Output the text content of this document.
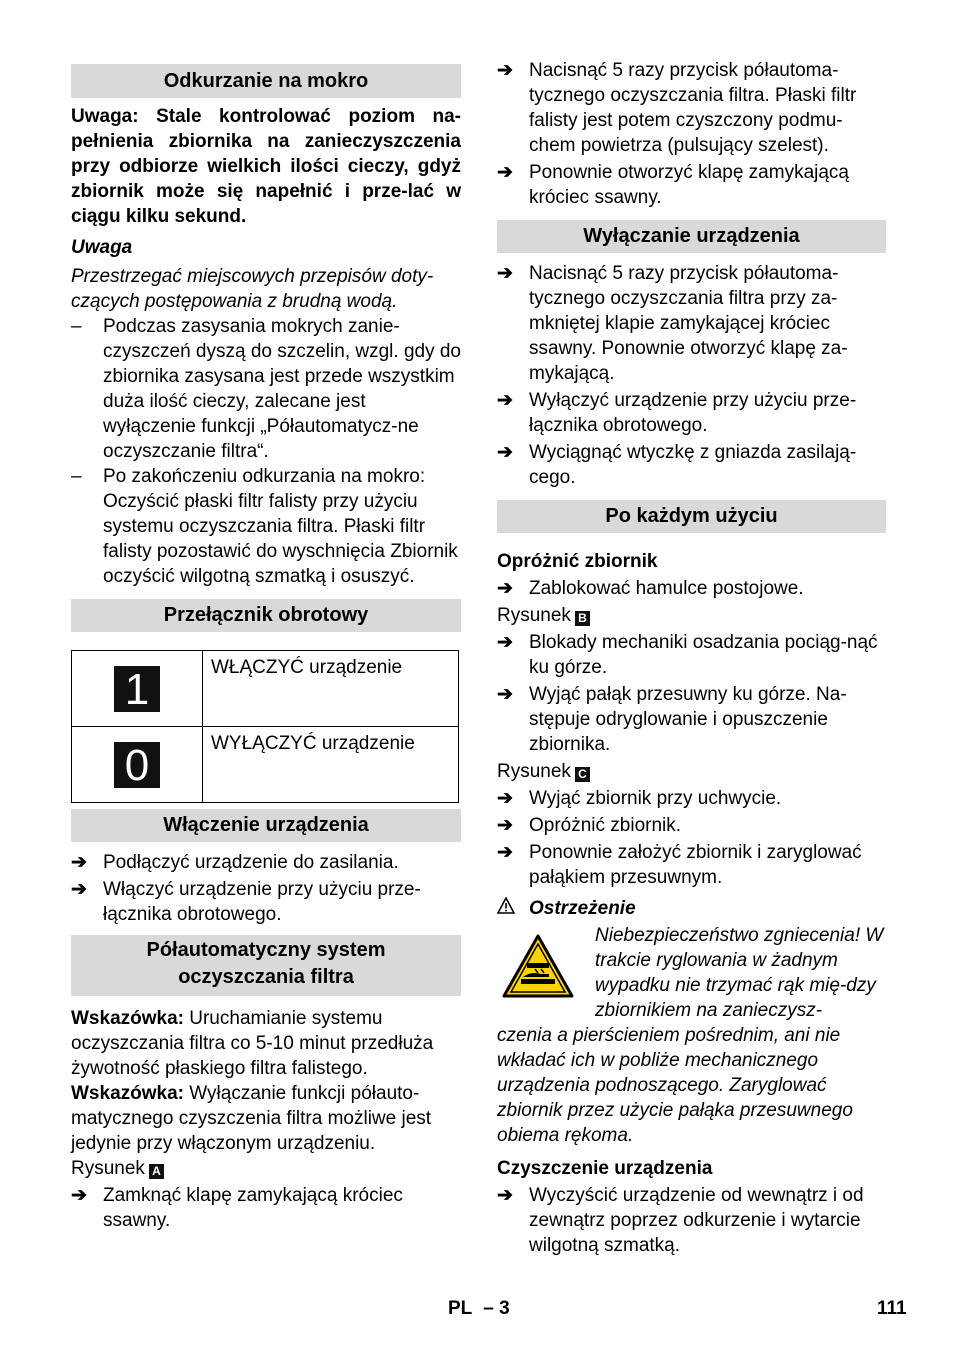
Odkurzanie na mokro
Uwaga: Stale kontrolować poziom na-pełnienia zbiornika na zanieczyszczenia przy odbiorze wielkich ilości cieczy, gdyż zbiornik może się napełnić i prze-lać w ciągu kilku sekund.
Uwaga
Przestrzegać miejscowych przepisów doty-czących postępowania z brudną wodą.
– Podczas zasysania mokrych zanie-czyszczeń dyszą do szczelin, wzgl. gdy do zbiornika zasysana jest przede wszystkim duża ilość cieczy, zalecane jest wyłączenie funkcji „Półautomatycz-ne oczyszczanie filtra“.
– Po zakończeniu odkurzania na mokro: Oczyścić płaski filtr falisty przy użyciu systemu oczyszczania filtra. Płaski filtr falisty pozostawić do wyschnięcia Zbiornik oczyścić wilgotną szmatką i osuszyć.
Przełącznik obrotowy
1	WŁĄCZYĆ urządzenie
0	WYŁĄCZYĆ urządzenie
Włączenie urządzenia
➔ Podłączyć urządzenie do zasilania.
➔ Włączyć urządzenie przy użyciu prze-łącznika obrotowego.
Półautomatyczny system oczyszczania filtra
Wskazówka: Uruchamianie systemu oczyszczania filtra co 5-10 minut przedłuża żywotność płaskiego filtra falistego.
Wskazówka: Wyłączanie funkcji półauto-matycznego czyszczenia filtra możliwe jest jedynie przy włączonym urządzeniu.
Rysunek A
➔ Zamknąć klapę zamykającą króciec ssawny.
➔ Nacisnąć 5 razy przycisk półautoma-tycznego oczyszczania filtra. Płaski filtr falisty jest potem czyszczony podmu-chem powietrza (pulsujący szelest).
➔ Ponownie otworzyć klapę zamykającą króciec ssawny.
Wyłączanie urządzenia
➔ Nacisnąć 5 razy przycisk półautoma-tycznego oczyszczania filtra przy za-mkniętej klapie zamykającej króciec ssawny. Ponownie otworzyć klapę za-mykającą.
➔ Wyłączyć urządzenie przy użyciu prze-łącznika obrotowego.
➔ Wyciągnąć wtyczkę z gniazda zasilają-cego.
Po każdym użyciu
Opróżnić zbiornik
➔ Zablokować hamulce postojowe.
Rysunek B
➔ Blokady mechaniki osadzania pociąg-nąć ku górze.
➔ Wyjąć pałąk przesuwny ku górze. Na-stępuje odryglowanie i opuszczenie zbiornika.
Rysunek C
➔ Wyjąć zbiornik przy uchwycie.
➔ Opróżnić zbiornik.
➔ Ponownie założyć zbiornik i zaryglować pałąkiem przesuwnym.
Ostrzeżenie
Niebezpieczeństwo zgniecenia! W trakcie ryglowania w żadnym wypadku nie trzymać rąk mię-dzy zbiornikiem na zanieczysz-
czenia a pierścieniem pośrednim, ani nie wkładać ich w pobliże mechanicznego urządzenia podnoszącego. Zaryglować zbiornik przez użycie pałąka przesuwnego obiema rękoma.
Czyszczenie urządzenia
➔ Wyczyścić urządzenie od wewnątrz i od zewnątrz poprzez odkurzenie i wytarcie wilgotną szmatką.
PL – 3	111
